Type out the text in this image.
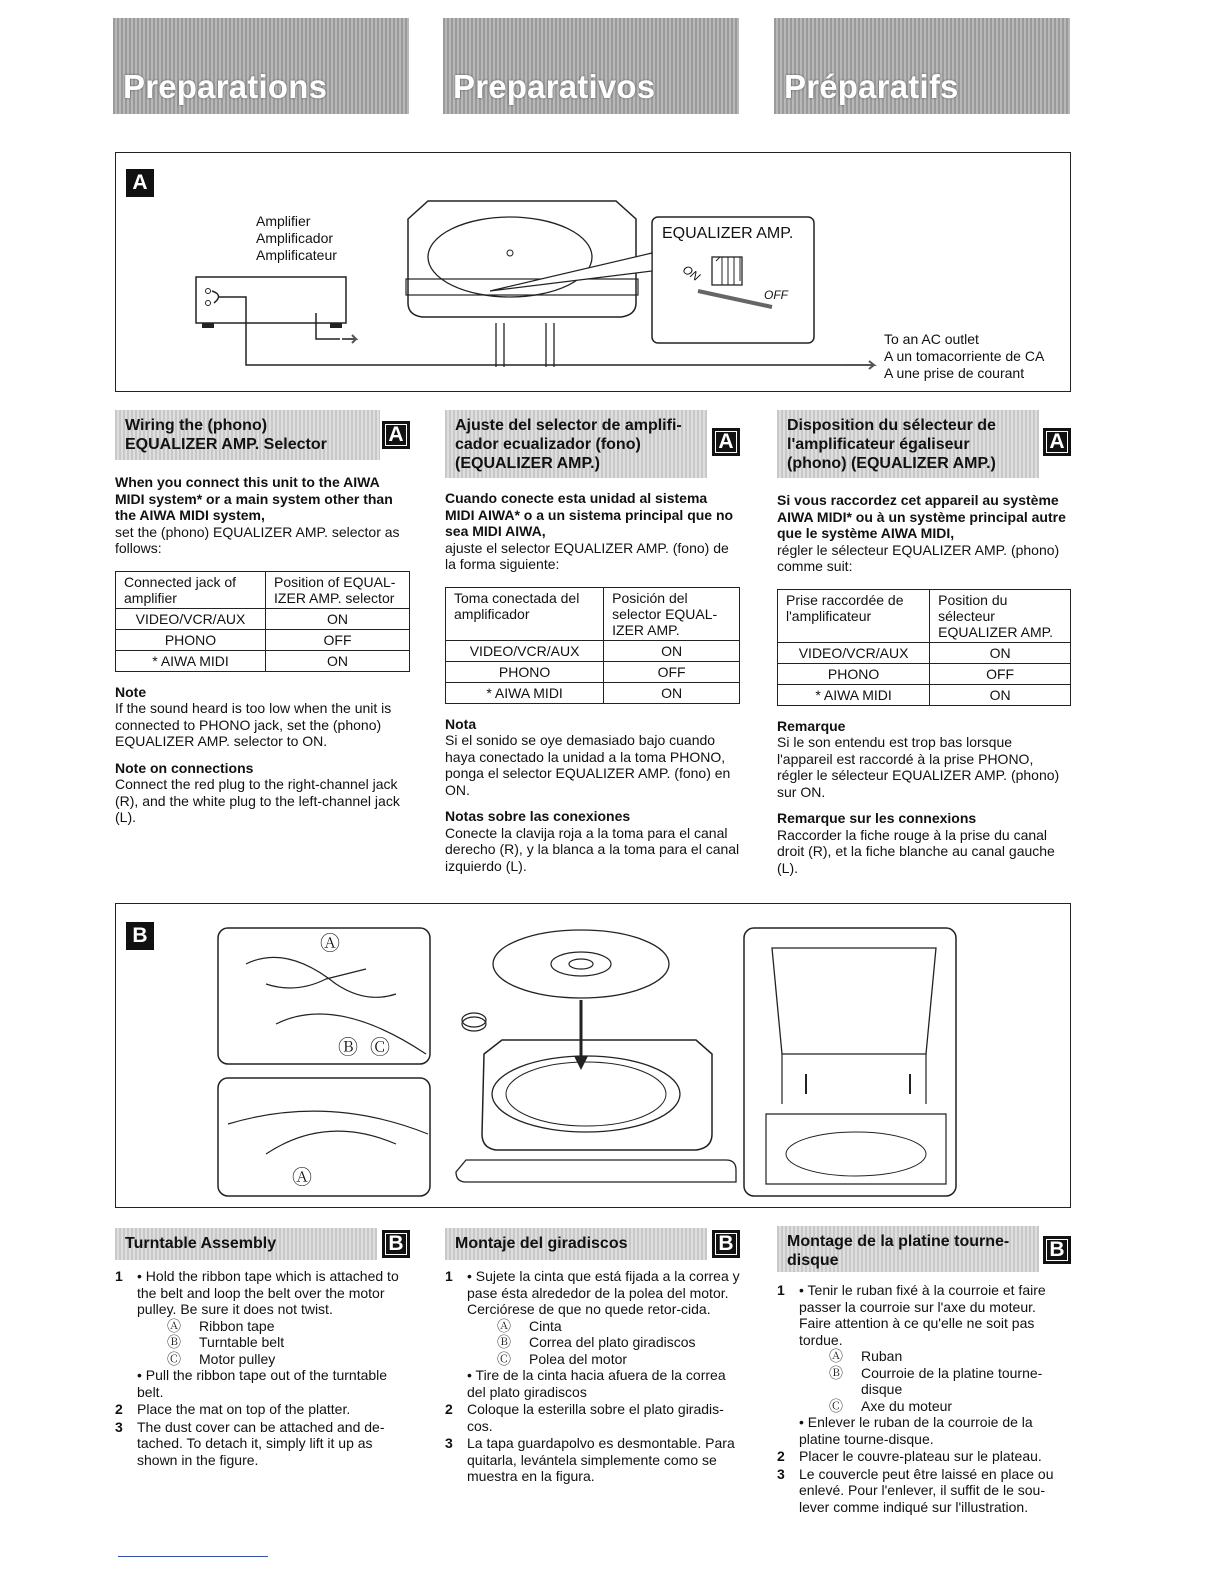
Preparations	Preparativos	Préparatifs
A
Amplifier
Amplificador
Amplificateur
EQUALIZER AMP.
ON
OFF
To an AC outlet
A un tomacorriente de CA
A une prise de courant
Wiring the (phono)
EQUALIZER AMP. Selector	A
When you connect this unit to the AIWA MIDI system* or a main system other than the AIWA MIDI system,
set the (phono) EQUALIZER AMP. selector as follows:
Connected jack of amplifier	Position of EQUAL-IZER AMP. selector
VIDEO/VCR/AUX	ON
PHONO	OFF
* AIWA MIDI	ON
Note
If the sound heard is too low when the unit is connected to PHONO jack, set the (phono) EQUALIZER AMP. selector to ON.
Note on connections
Connect the red plug to the right-channel jack (R), and the white plug to the left-channel jack (L).
Ajuste del selector de amplifi-
cador ecualizador (fono)
(EQUALIZER AMP.)
A
Cuando conecte esta unidad al sistema MIDI AIWA* o a un sistema principal que no sea MIDI AIWA,
ajuste el selector EQUALIZER AMP. (fono) de la forma siguiente:
Toma conectada del amplificador	Posición del selector EQUAL-IZER AMP.
VIDEO/VCR/AUX	ON
PHONO	OFF
* AIWA MIDI	ON
Nota
Si el sonido se oye demasiado bajo cuando haya conectado la unidad a la toma PHONO, ponga el selector EQUALIZER AMP. (fono) en ON.
Notas sobre las conexiones
Conecte la clavija roja a la toma para el canal derecho (R), y la blanca a la toma para el canal izquierdo (L).
Disposition du sélecteur de
l'amplificateur égaliseur
(phono) (EQUALIZER AMP.)
A
Si vous raccordez cet appareil au système AIWA MIDI* ou à un système principal autre que le système AIWA MIDI,
régler le sélecteur EQUALIZER AMP. (phono) comme suit:
Prise raccordée de l'amplificateur	Position du sélecteur EQUALIZER AMP.
VIDEO/VCR/AUX	ON
PHONO	OFF
* AIWA MIDI	ON
Remarque
Si le son entendu est trop bas lorsque l'appareil est raccordé à la prise PHONO, régler le sélecteur EQUALIZER AMP. (phono) sur ON.
Remarque sur les connexions
Raccorder la fiche rouge à la prise du canal droit (R), et la fiche blanche au canal gauche (L).
B	Ⓐ
Ⓑ Ⓒ
Ⓐ
Turntable Assembly	B
1 • Hold the ribbon tape which is attached to the belt and loop the belt over the motor pulley. Be sure it does not twist.
Ⓐ Ribbon tape
Ⓑ Turntable belt
Ⓒ Motor pulley
• Pull the ribbon tape out of the turntable belt.
2 Place the mat on top of the platter.
3 The dust cover can be attached and de-tached. To detach it, simply lift it up as shown in the figure.
Montaje del giradiscos	B
1 • Sujete la cinta que está fijada a la correa y pase ésta alrededor de la polea del motor. Cerciórese de que no quede retor-cida.
Ⓐ Cinta
Ⓑ Correa del plato giradiscos
Ⓒ Polea del motor
• Tire de la cinta hacia afuera de la correa del plato giradiscos
2 Coloque la esterilla sobre el plato giradis-cos.
3 La tapa guardapolvo es desmontable. Para quitarla, levántela simplemente como se muestra en la figura.
Montage de la platine tourne-
disque	B
1 • Tenir le ruban fixé à la courroie et faire passer la courroie sur l'axe du moteur. Faire attention à ce qu'elle ne soit pas tordue.
Ⓐ Ruban
Ⓑ Courroie de la platine tourne-disque
Ⓒ Axe du moteur
• Enlever le ruban de la courroie de la platine tourne-disque.
2 Placer le couvre-plateau sur le plateau.
3 Le couvercle peut être laissé en place ou enlevé. Pour l'enlever, il suffit de le sou-lever comme indiqué sur l'illustration.
